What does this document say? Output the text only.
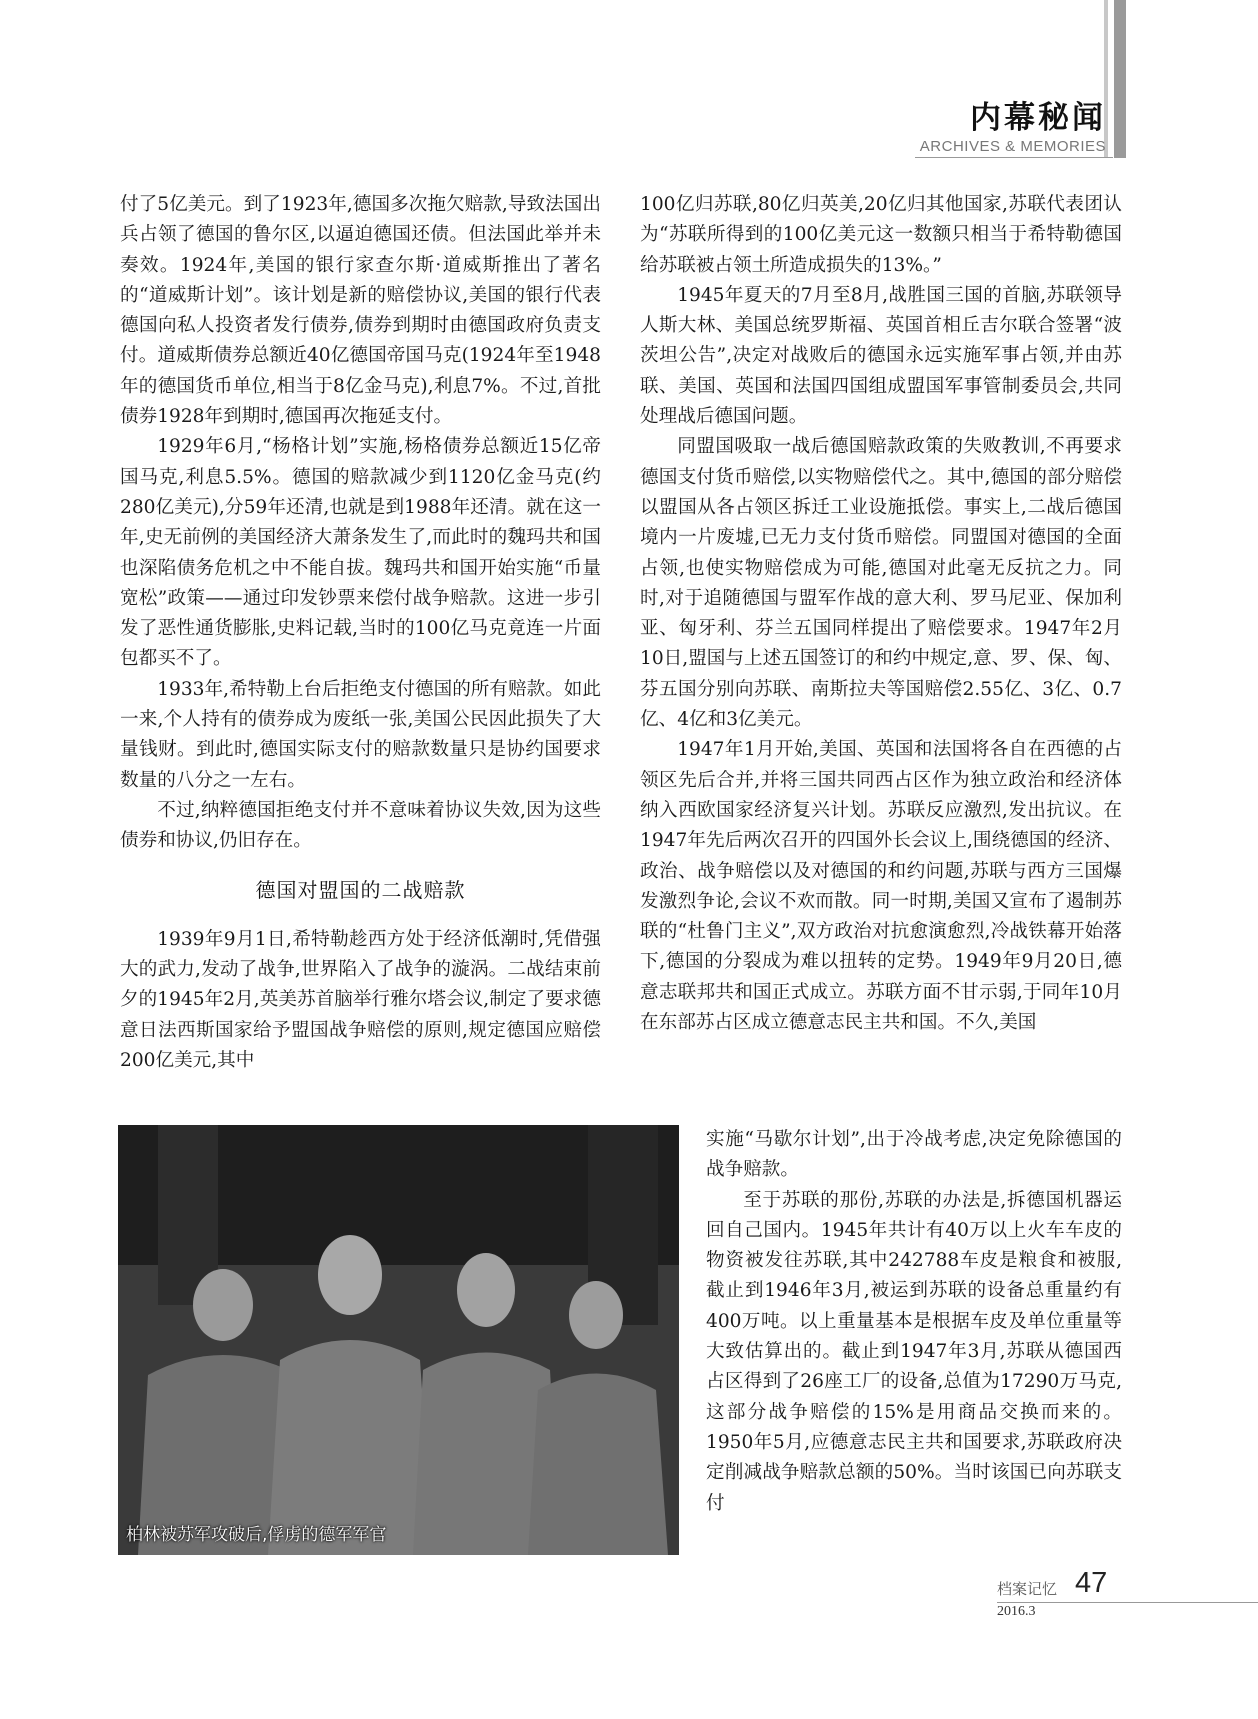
内幕秘闻
ARCHIVES & MEMORIES

付了5亿美元。到了1923年,德国多次拖欠赔款,导致法国出兵占领了德国的鲁尔区,以逼迫德国还债。但法国此举并未奏效。1924年,美国的银行家查尔斯·道威斯推出了著名的“道威斯计划”。该计划是新的赔偿协议,美国的银行代表德国向私人投资者发行债券,债券到期时由德国政府负责支付。道威斯债券总额近40亿德国帝国马克(1924年至1948年的德国货币单位,相当于8亿金马克),利息7%。不过,首批债券1928年到期时,德国再次拖延支付。

1929年6月,“杨格计划”实施,杨格债券总额近15亿帝国马克,利息5.5%。德国的赔款减少到1120亿金马克(约280亿美元),分59年还清,也就是到1988年还清。就在这一年,史无前例的美国经济大萧条发生了,而此时的魏玛共和国也深陷债务危机之中不能自拔。魏玛共和国开始实施“币量宽松”政策——通过印发钞票来偿付战争赔款。这进一步引发了恶性通货膨胀,史料记载,当时的100亿马克竟连一片面包都买不了。

1933年,希特勒上台后拒绝支付德国的所有赔款。如此一来,个人持有的债券成为废纸一张,美国公民因此损失了大量钱财。到此时,德国实际支付的赔款数量只是协约国要求数量的八分之一左右。

不过,纳粹德国拒绝支付并不意味着协议失效,因为这些债券和协议,仍旧存在。

德国对盟国的二战赔款

1939年9月1日,希特勒趁西方处于经济低潮时,凭借强大的武力,发动了战争,世界陷入了战争的漩涡。二战结束前夕的1945年2月,英美苏首脑举行雅尔塔会议,制定了要求德意日法西斯国家给予盟国战争赔偿的原则,规定德国应赔偿200亿美元,其中

100亿归苏联,80亿归英美,20亿归其他国家,苏联代表团认为“苏联所得到的100亿美元这一数额只相当于希特勒德国给苏联被占领土所造成损失的13%。”

1945年夏天的7月至8月,战胜国三国的首脑,苏联领导人斯大林、美国总统罗斯福、英国首相丘吉尔联合签署“波茨坦公告”,决定对战败后的德国永远实施军事占领,并由苏联、美国、英国和法国四国组成盟国军事管制委员会,共同处理战后德国问题。

同盟国吸取一战后德国赔款政策的失败教训,不再要求德国支付货币赔偿,以实物赔偿代之。其中,德国的部分赔偿以盟国从各占领区拆迁工业设施抵偿。事实上,二战后德国境内一片废墟,已无力支付货币赔偿。同盟国对德国的全面占领,也使实物赔偿成为可能,德国对此毫无反抗之力。同时,对于追随德国与盟军作战的意大利、罗马尼亚、保加利亚、匈牙利、芬兰五国同样提出了赔偿要求。1947年2月10日,盟国与上述五国签订的和约中规定,意、罗、保、匈、芬五国分别向苏联、南斯拉夫等国赔偿2.55亿、3亿、0.7亿、4亿和3亿美元。

1947年1月开始,美国、英国和法国将各自在西德的占领区先后合并,并将三国共同西占区作为独立政治和经济体纳入西欧国家经济复兴计划。苏联反应激烈,发出抗议。在1947年先后两次召开的四国外长会议上,围绕德国的经济、政治、战争赔偿以及对德国的和约问题,苏联与西方三国爆发激烈争论,会议不欢而散。同一时期,美国又宣布了遏制苏联的“杜鲁门主义”,双方政治对抗愈演愈烈,冷战铁幕开始落下,德国的分裂成为难以扭转的定势。1949年9月20日,德意志联邦共和国正式成立。苏联方面不甘示弱,于同年10月在东部苏占区成立德意志民主共和国。不久,美国

柏林被苏军攻破后,俘虏的德军军官

实施“马歇尔计划”,出于冷战考虑,决定免除德国的战争赔款。

至于苏联的那份,苏联的办法是,拆德国机器运回自己国内。1945年共计有40万以上火车车皮的物资被发往苏联,其中242788车皮是粮食和被服,截止到1946年3月,被运到苏联的设备总重量约有400万吨。以上重量基本是根据车皮及单位重量等大致估算出的。截止到1947年3月,苏联从德国西占区得到了26座工厂的设备,总值为17290万马克,这部分战争赔偿的15%是用商品交换而来的。1950年5月,应德意志民主共和国要求,苏联政府决定削减战争赔款总额的50%。当时该国已向苏联支付

档案记忆 47
2016.3
